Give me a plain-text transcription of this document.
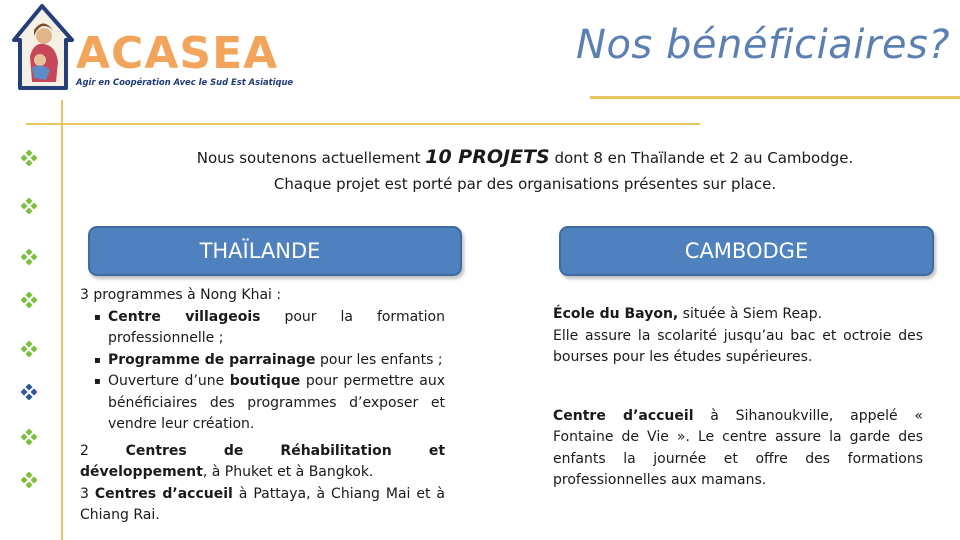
ACASEA
Agir en Coopération Avec le Sud Est Asiatique
Nos bénéficiaires?
Nous soutenons actuellement 10 PROJETS dont 8 en Thaïlande et 2 au Cambodge.
Chaque projet est porté par des organisations présentes sur place.
THAÏLANDE	CAMBODGE

3 programmes à Nong Khai :

▪ Centre villageois pour la formation professionnelle ;
▪ Programme de parrainage pour les enfants ;
▪ Ouverture d’une boutique pour permettre aux bénéficiaires des programmes d’exposer et vendre leur création.

2 Centres de Réhabilitation et développement, à Phuket et à Bangkok.

3 Centres d’accueil à Pattaya, à Chiang Mai et à Chiang Rai.

École du Bayon, située à Siem Reap.

Elle assure la scolarité jusqu’au bac et octroie des bourses pour les études supérieures.

Centre d’accueil à Sihanoukville, appelé « Fontaine de Vie ». Le centre assure la garde des enfants la journée et offre des formations professionnelles aux mamans.
